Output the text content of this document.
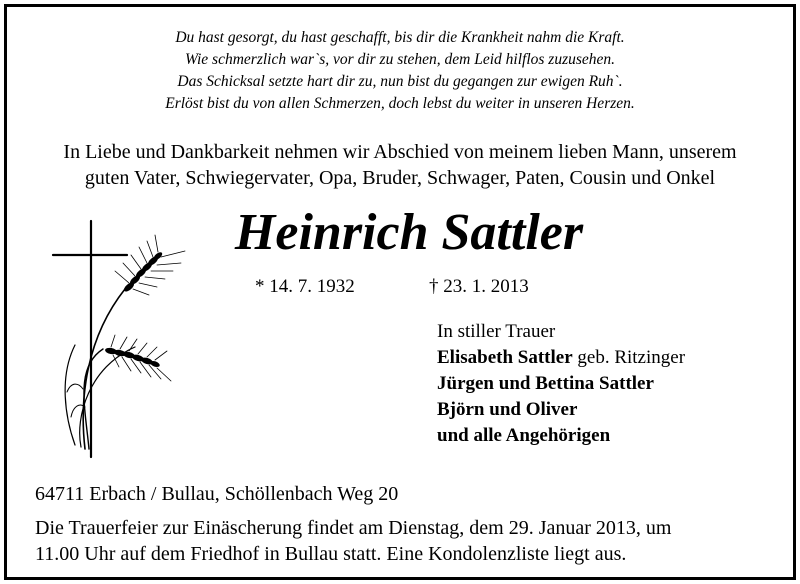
Du hast gesorgt, du hast geschafft, bis dir die Krankheit nahm die Kraft.
Wie schmerzlich war`s, vor dir zu stehen, dem Leid hilflos zuzusehen.
Das Schicksal setzte hart dir zu, nun bist du gegangen zur ewigen Ruh`.
Erlöst bist du von allen Schmerzen, doch lebst du weiter in unseren Herzen.
In Liebe und Dankbarkeit nehmen wir Abschied von meinem lieben Mann, unserem
guten Vater, Schwiegervater, Opa, Bruder, Schwager, Paten, Cousin und Onkel
Heinrich Sattler
* 14. 7. 1932	† 23. 1. 2013
In stiller Trauer
Elisabeth Sattler geb. Ritzinger
Jürgen und Bettina Sattler
Björn und Oliver
und alle Angehörigen
64711 Erbach / Bullau, Schöllenbach Weg 20
Die Trauerfeier zur Einäscherung findet am Dienstag, dem 29. Januar 2013, um
11.00 Uhr auf dem Friedhof in Bullau statt. Eine Kondolenzliste liegt aus.
